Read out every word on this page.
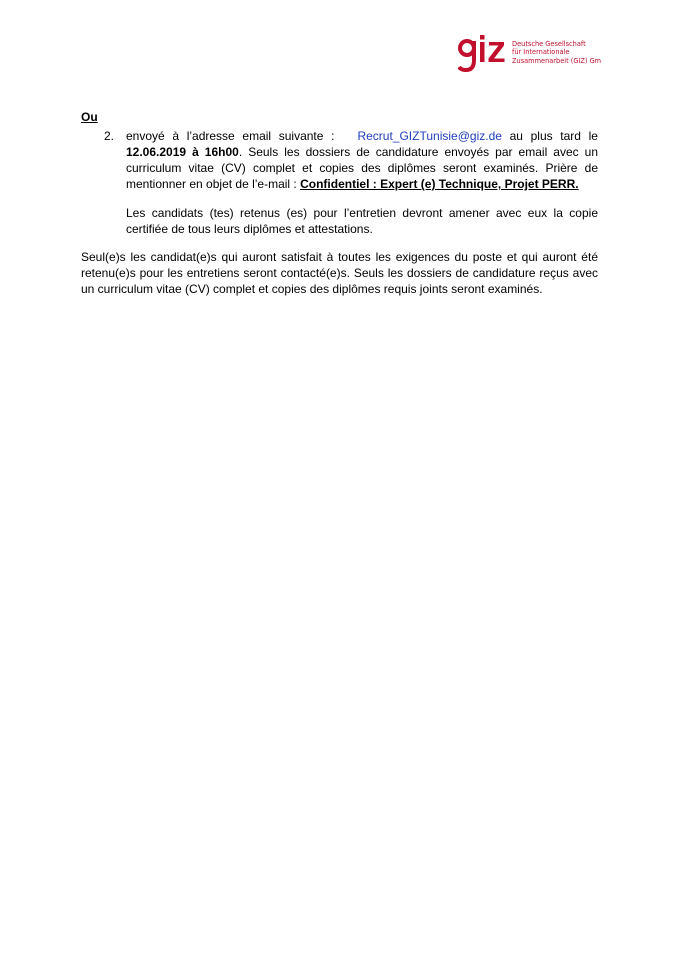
Deutsche Gesellschaft
für Internationale
Zusammenarbeit (GIZ) Gm
Ou
2. envoyé à l’adresse email suivante : Recrut_GIZTunisie@giz.de au plus tard le 12.06.2019 à 16h00. Seuls les dossiers de candidature envoyés par email avec un curriculum vitae (CV) complet et copies des diplômes seront examinés. Prière de mentionner en objet de l’e-mail : Confidentiel : Expert (e) Technique, Projet PERR.
Les candidats (tes) retenus (es) pour l’entretien devront amener avec eux la copie certifiée de tous leurs diplômes et attestations.
Seul(e)s les candidat(e)s qui auront satisfait à toutes les exigences du poste et qui auront été retenu(e)s pour les entretiens seront contacté(e)s. Seuls les dossiers de candidature reçus avec un curriculum vitae (CV) complet et copies des diplômes requis joints seront examinés.
